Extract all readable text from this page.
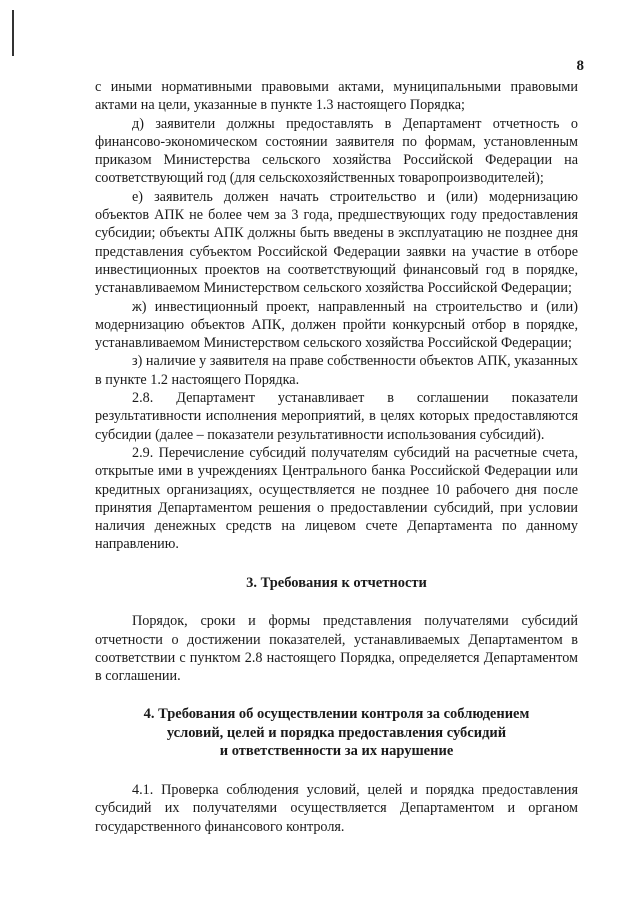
8

с иными нормативными правовыми актами, муниципальными правовыми актами на цели, указанные в пункте 1.3 настоящего Порядка;

д) заявители должны предоставлять в Департамент отчетность о финансово-экономическом состоянии заявителя по формам, установленным приказом Министерства сельского хозяйства Российской Федерации на соответствующий год (для сельскохозяйственных товаропроизводителей);

е) заявитель должен начать строительство и (или) модернизацию объектов АПК не более чем за 3 года, предшествующих году предоставления субсидии; объекты АПК должны быть введены в эксплуатацию не позднее дня представления субъектом Российской Федерации заявки на участие в отборе инвестиционных проектов на соответствующий финансовый год в порядке, устанавливаемом Министерством сельского хозяйства Российской Федерации;

ж) инвестиционный проект, направленный на строительство и (или) модернизацию объектов АПК, должен пройти конкурсный отбор в порядке, устанавливаемом Министерством сельского хозяйства Российской Федерации;

з) наличие у заявителя на праве собственности объектов АПК, указанных в пункте 1.2 настоящего Порядка.

2.8. Департамент устанавливает в соглашении показатели результативности исполнения мероприятий, в целях которых предоставляются субсидии (далее – показатели результативности использования субсидий).

2.9. Перечисление субсидий получателям субсидий на расчетные счета, открытые ими в учреждениях Центрального банка Российской Федерации или кредитных организациях, осуществляется не позднее 10 рабочего дня после принятия Департаментом решения о предоставлении субсидий, при условии наличия денежных средств на лицевом счете Департамента по данному направлению.

3. Требования к отчетности

Порядок, сроки и формы представления получателями субсидий отчетности о достижении показателей, устанавливаемых Департаментом в соответствии с пунктом 2.8 настоящего Порядка, определяется Департаментом в соглашении.

4. Требования об осуществлении контроля за соблюдением
условий, целей и порядка предоставления субсидий
и ответственности за их нарушение

4.1. Проверка соблюдения условий, целей и порядка предоставления субсидий их получателями осуществляется Департаментом и органом государственного финансового контроля.
